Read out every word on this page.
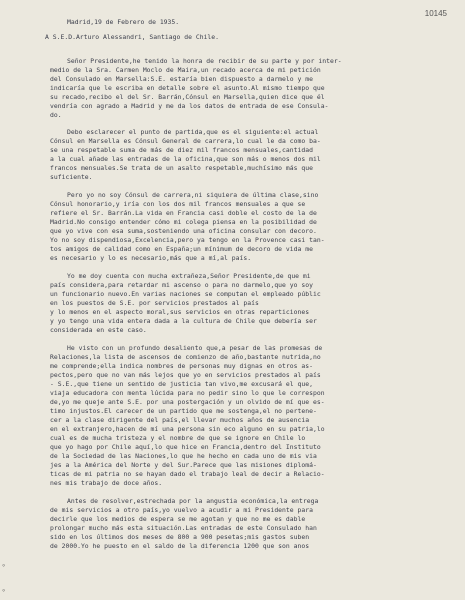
10145
Madrid,19 de Febrero de 1935.
A S.E.D.Arturo Alessandri, Santiago de Chile.
Señor Presidente,he tenido la honra de recibir de su parte y por inter-
medio de la Sra. Carmen Moclo de Maira,un recado acerca de mi petición
del Consulado en Marsella:S.E. estaría bien dispuesto a darmelo y me
indicaría que le escriba en detalle sobre el asunto.Al mismo tiempo que
su recado,recibo el del Sr. Barrán,Cónsul en Marsella,quien dice que él
vendría con agrado a Madrid y me da los datos de entrada de ese Consula-
do.
Debo esclarecer el punto de partida,que es el siguiente:el actual
Cónsul en Marsella es Cónsul General de carrera,lo cual le da como ba-
se una respetable suma de más de diez mil francos mensuales,cantidad
a la cual añade las entradas de la oficina,que son más o menos dos mil
francos mensuales.Se trata de un asalto respetable,muchísimo más que
suficiente.
Pero yo no soy Cónsul de carrera,ni siquiera de última clase,sino
Cónsul honorario,y iría con los dos mil francos mensuales a que se
refiere el Sr. Barrán.La vida en Francia casi doble el costo de la de
Madrid.No consigo entender cómo mi colega piensa en la posibilidad de
que yo vive con esa suma,sosteniendo una oficina consular con decoro.
Yo no soy dispendiosa,Excelencia,pero ya tengo en la Provence casi tan-
tos amigos de calidad como en España;un mínimum de decoro de vida me
es necesario y lo es necesario,más que a mí,al país.
Yo me doy cuenta con mucha extrañeza,Señor Presidente,de que mi
país considera,para retardar mi ascenso o para no darmelo,que yo soy
un funcionario nuevo.En varias naciones se computan el empleado públic
en los puestos de S.E. por servicios prestados al país
y lo menos en el aspecto moral,sus servicios en otras reparticiones
y yo tengo una vida entera dada a la cultura de Chile que debería ser
considerada en este caso.
He visto con un profundo desaliento que,a pesar de las promesas de
Relaciones,la lista de ascensos de comienzo de año,bastante nutrida,no
me comprende;ella indica nombres de personas muy dignas en otros as-
pectos,pero que no van más lejos que yo en servicios prestados al país
- S.E.,que tiene un sentido de justicia tan vivo,me excusará el que,
viaja educadora con menta lúcida para no pedir sino lo que le correspon
de,yo me queje ante S.E. por una postergación y un olvido de mí que es-
timo injustos.El carecer de un partido que me sostenga,el no pertene-
cer a la clase dirigente del país,el llevar muchos años de ausencia
en el extranjero,hacen de mí una persona sin eco alguno en su patria,lo
cual es de mucha tristeza y el nombre de que se ignore en Chile lo
que yo hago por Chile aquí,lo que hice en Francia,dentro del Instituto
de la Sociedad de las Naciones,lo que he hecho en cada uno de mis via
jes a la América del Norte y del Sur.Parece que las misiones diplomá-
ticas de mi patria no se hayan dado el trabajo leal de decir a Relacio-
nes mis trabajo de doce años.
Antes de resolver,estrechada por la angustia económica,la entrega
de mis servicios a otro país,yo vuelvo a acudir a mi Presidente para
decirle que los medios de espera se me agotan y que no me es dable
prolongar mucho más esta situación.Las entradas de este Consulado han
sido en los últimos dos meses de 800 a 900 pesetas;mis gastos suben
de 2000.Yo he puesto en el saldo de la diferencia 1200 que son anos
◦
◦
